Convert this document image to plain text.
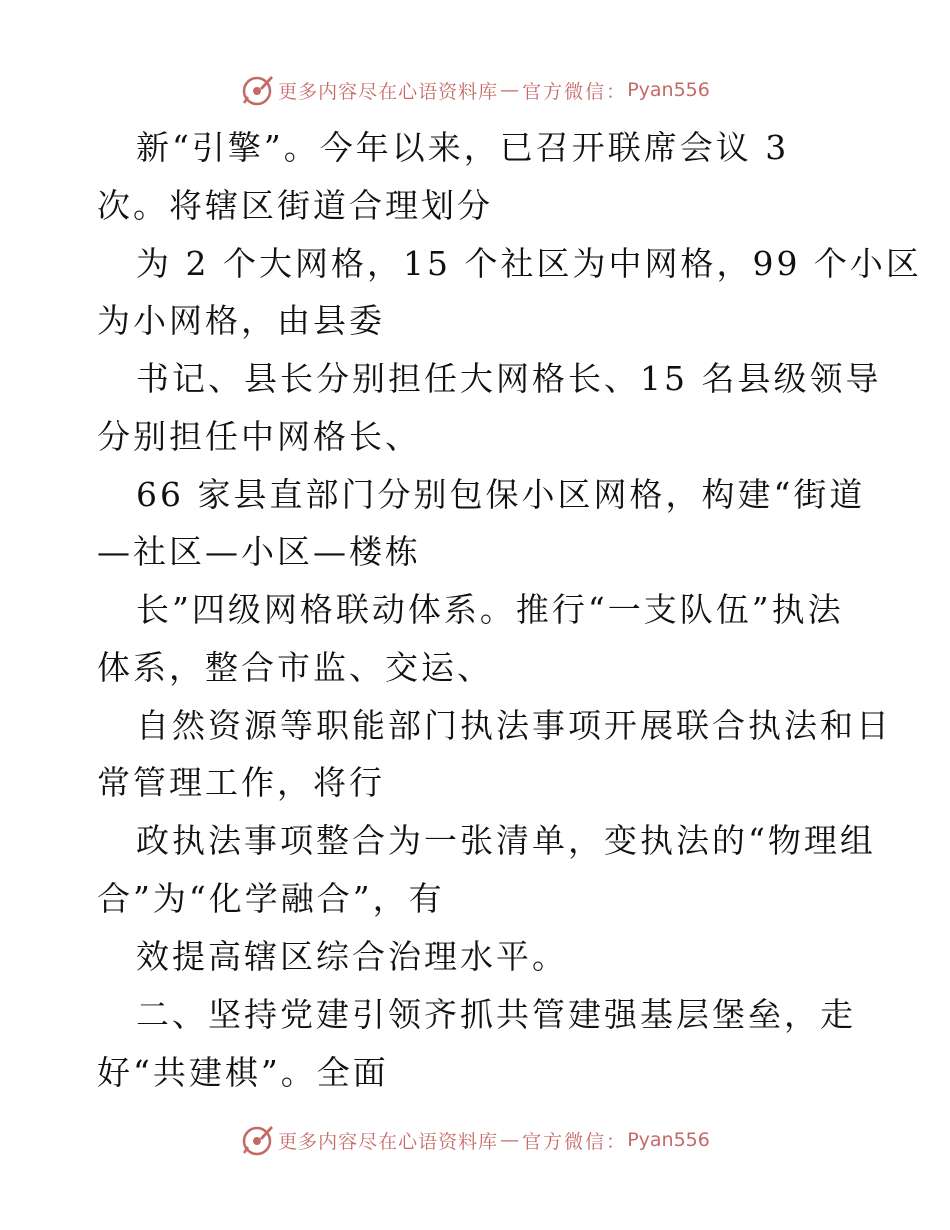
更多内容尽在心语资料库 — 官方微信： Pyan556
新“引擎”。今年以来，已召开联席会议 3
次。将辖区街道合理划分
为 2 个大网格，15 个社区为中网格，99 个小区
为小网格，由县委
书记、县长分别担任大网格长、15 名县级领导
分别担任中网格长、
66 家县直部门分别包保小区网格，构建“街道
—社区—小区—楼栋
长”四级网格联动体系。推行“一支队伍”执法
体系，整合市监、交运、
自然资源等职能部门执法事项开展联合执法和日
常管理工作，将行
政执法事项整合为一张清单，变执法的“物理组
合”为“化学融合”，有
效提高辖区综合治理水平。
二、坚持党建引领齐抓共管建强基层堡垒，走
好“共建棋”。全面
更多内容尽在心语资料库 — 官方微信： Pyan556
